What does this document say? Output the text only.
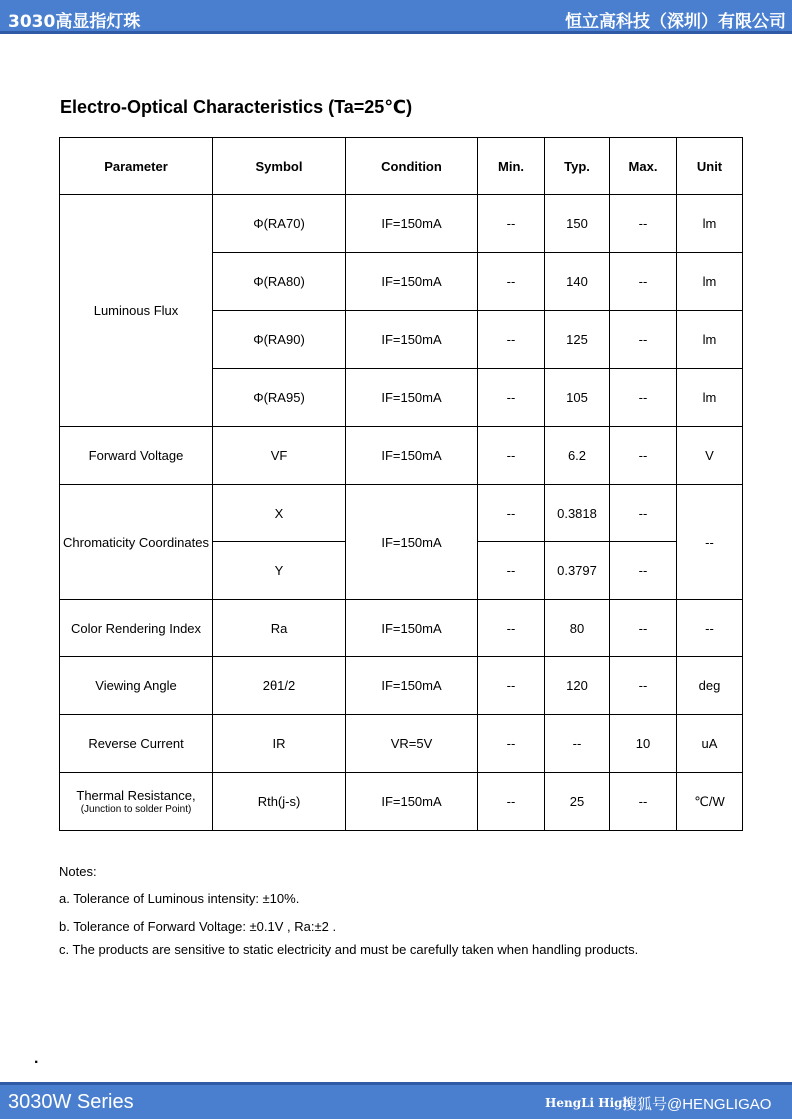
3030高显指灯珠	恒立高科技（深圳）有限公司
Electro-Optical Characteristics (Ta=25℃)
Parameter	Symbol	Condition	Min.	Typ.	Max.	Unit
Luminous Flux	Φ(RA70)	IF=150mA	--	150	--	lm
	Φ(RA80)	IF=150mA	--	140	--	lm
	Φ(RA90)	IF=150mA	--	125	--	lm
	Φ(RA95)	IF=150mA	--	105	--	lm
Forward Voltage	VF	IF=150mA	--	6.2	--	V
Chromaticity Coordinates	X	IF=150mA	--	0.3818	--	--
	Y		--	0.3797	--	
Color Rendering Index	Ra	IF=150mA	--	80	--	--
Viewing Angle	2θ1/2	IF=150mA	--	120	--	deg
Reverse Current	IR	VR=5V	--	--	10	uA
Thermal Resistance,
(Junction to solder Point)	Rth(j-s)	IF=150mA	--	25	--	℃/W
Notes:
a. Tolerance of Luminous intensity: ±10%.
b. Tolerance of Forward Voltage: ±0.1V , Ra:±2 .
c. The products are sensitive to static electricity and must be carefully taken when handling products.
.
3030W Series	HengLi High
搜狐号@HENGLIGAO
